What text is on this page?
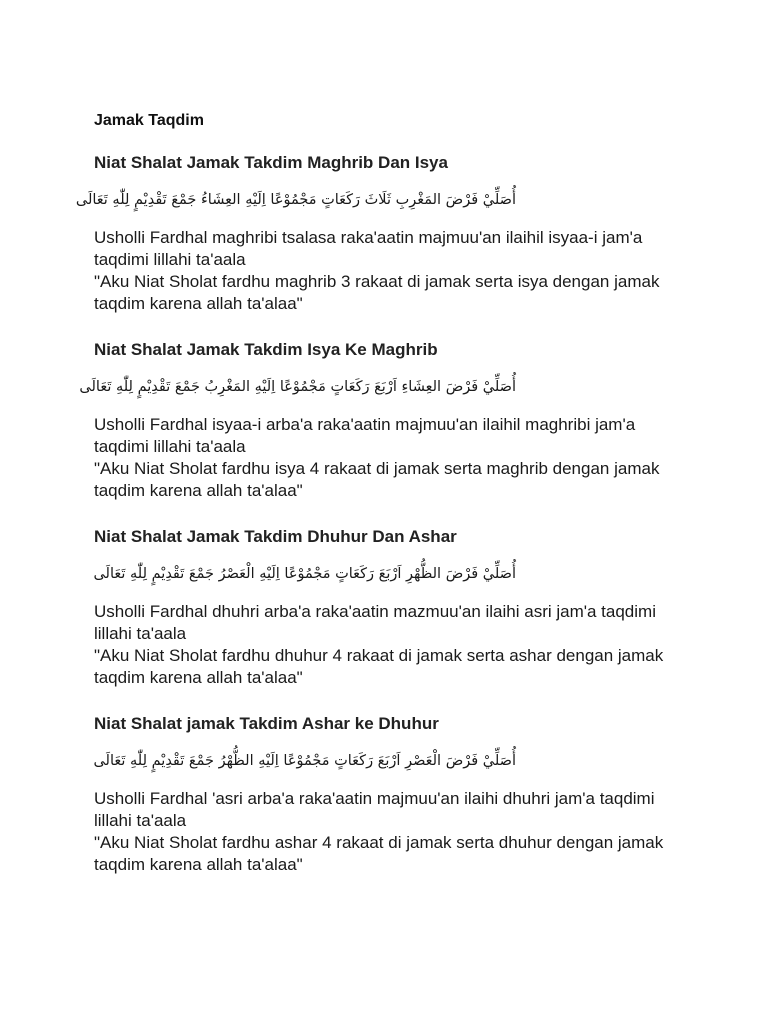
Jamak Taqdim
Niat Shalat Jamak Takdim Maghrib Dan Isya

أُصَلِّيْ فَرْضَ المَغْرِبِ ثَلَاثَ رَكَعَاتٍ مَجْمُوْعًا اِلَيْهِ العِشَاءُ جَمْعَ تَقْدِيْمٍ لِلّٰهِ تَعَالَى

Usholli Fardhal maghribi tsalasa raka'aatin majmuu'an ilaihil isyaa-i jam'a taqdimi lillahi ta'aala

"Aku Niat Sholat fardhu maghrib 3 rakaat di jamak serta isya dengan jamak taqdim karena allah ta'alaa"

Niat Shalat Jamak Takdim Isya Ke Maghrib

أُصَلِّيْ فَرْضَ العِشَاءِ اَرْبَعَ رَكَعَاتٍ مَجْمُوْعًا اِلَيْهِ المَغْرِبُ جَمْعَ تَقْدِيْمٍ لِلّٰهِ تَعَالَى

Usholli Fardhal isyaa-i arba'a raka'aatin majmuu'an ilaihil maghribi jam'a taqdimi lillahi ta'aala

"Aku Niat Sholat fardhu isya 4 rakaat di jamak serta maghrib dengan jamak taqdim karena allah ta'alaa"

Niat Shalat Jamak Takdim Dhuhur Dan Ashar

أُصَلِّيْ فَرْضَ الظُّهْرِ اَرْبَعَ رَكَعَاتٍ مَجْمُوْعًا اِلَيْهِ الْعَصْرُ جَمْعَ تَقْدِيْمٍ لِلّٰهِ تَعَالَى

Usholli Fardhal dhuhri arba'a raka'aatin mazmuu'an ilaihi asri jam'a taqdimi lillahi ta'aala

"Aku Niat Sholat fardhu dhuhur 4 rakaat di jamak serta ashar dengan jamak taqdim karena allah ta'alaa"

Niat Shalat jamak Takdim Ashar ke Dhuhur

أُصَلِّيْ فَرْضَ الْعَصْرِ اَرْبَعَ رَكَعَاتٍ مَجْمُوْعًا اِلَيْهِ الظُّهْرُ جَمْعَ تَقْدِيْمٍ لِلّٰهِ تَعَالَى

Usholli Fardhal 'asri arba'a raka'aatin majmuu'an ilaihi dhuhri jam'a taqdimi lillahi ta'aala

"Aku Niat Sholat fardhu ashar 4 rakaat di jamak serta dhuhur dengan jamak taqdim karena allah ta'alaa"
